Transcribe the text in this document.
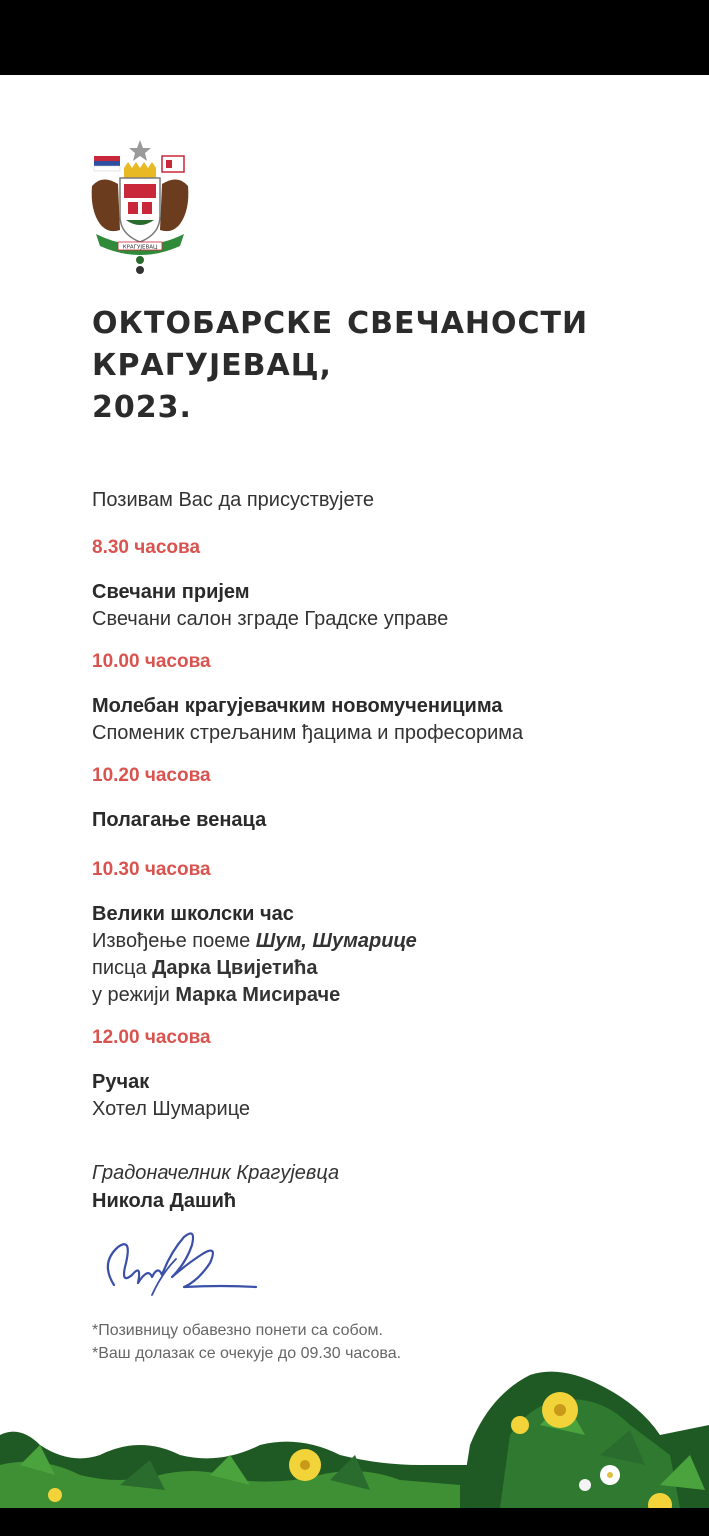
КРАГУЈЕВАЦ
ОКТОБАРСКЕ СВЕЧАНОСТИ
КРАГУЈЕВАЦ,
2023.
Позивам Вас да присуствујете
8.30 часова
Свечани пријем
Свечани салон зграде Градске управе
10.00 часова
Молебан крагујевачким новомученицима
Споменик стрељаним ђацима и професорима
10.20 часова
Полагање венаца
10.30 часова
Велики школски час
Извођење поеме Шум, Шумарице
писца Дарка Цвијетића
у режији Марка Мисираче
12.00 часова
Ручак
Хотел Шумарице
Градоначелник Крагујевца
Никола Дашић
*Позивницу обавезно понети са собом.
*Ваш долазак се очекује до 09.30 часова.
